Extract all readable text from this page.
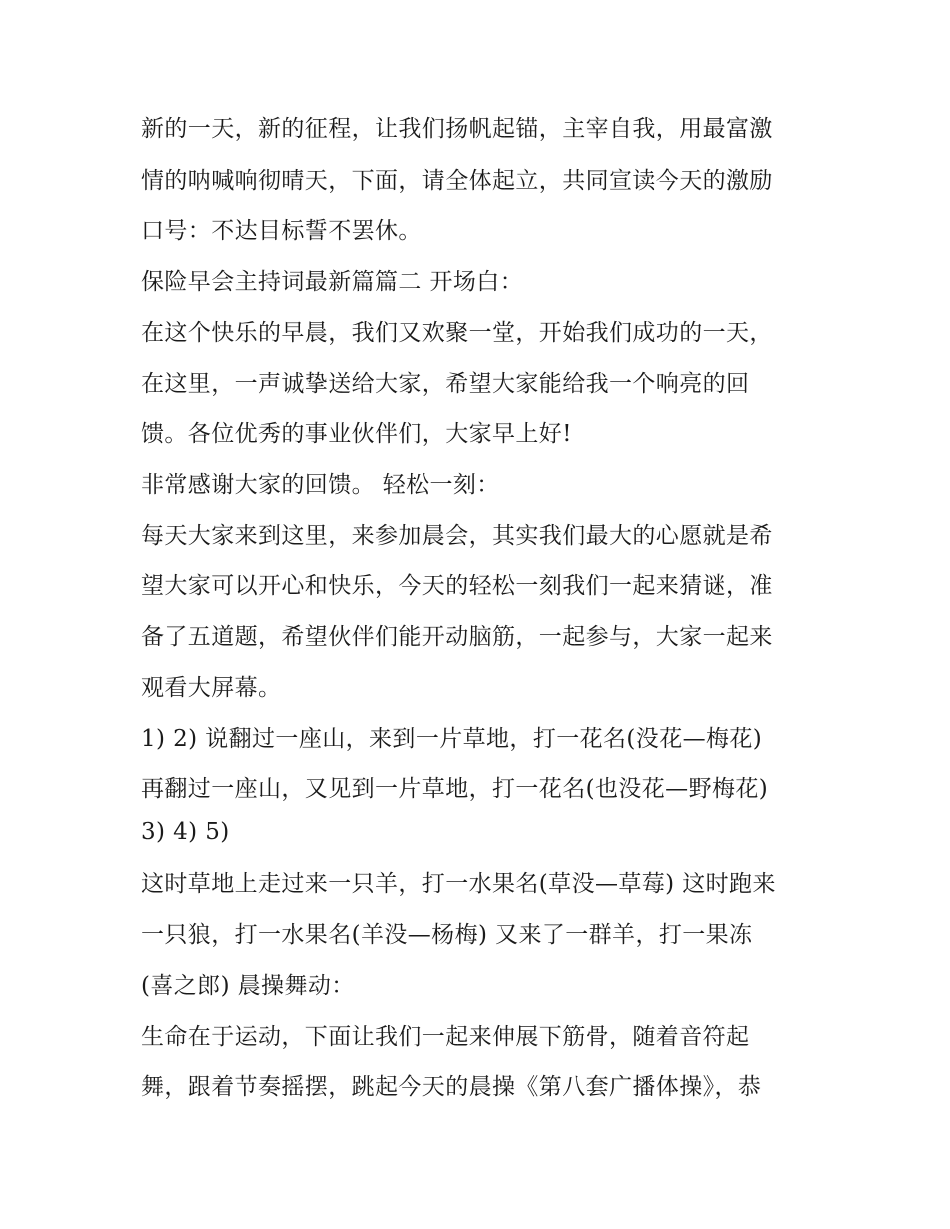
新的一天，新的征程，让我们扬帆起锚，主宰自我，用最富激
情的呐喊响彻晴天，下面，请全体起立，共同宣读今天的激励
口号：不达目标誓不罢休。
保险早会主持词最新篇篇二 开场白：
在这个快乐的早晨，我们又欢聚一堂，开始我们成功的一天，
在这里，一声诚挚送给大家，希望大家能给我一个响亮的回
馈。各位优秀的事业伙伴们，大家早上好!
非常感谢大家的回馈。 轻松一刻：
每天大家来到这里，来参加晨会，其实我们最大的心愿就是希
望大家可以开心和快乐，今天的轻松一刻我们一起来猜谜，准
备了五道题，希望伙伴们能开动脑筋，一起参与，大家一起来
观看大屏幕。
1) 2) 说翻过一座山，来到一片草地，打一花名(没花—梅花)
再翻过一座山，又见到一片草地，打一花名(也没花—野梅花)
3) 4) 5)
这时草地上走过来一只羊，打一水果名(草没—草莓) 这时跑来
一只狼，打一水果名(羊没—杨梅) 又来了一群羊，打一果冻
(喜之郎) 晨操舞动：
生命在于运动，下面让我们一起来伸展下筋骨，随着音符起
舞，跟着节奏摇摆，跳起今天的晨操《第八套广播体操》，恭
